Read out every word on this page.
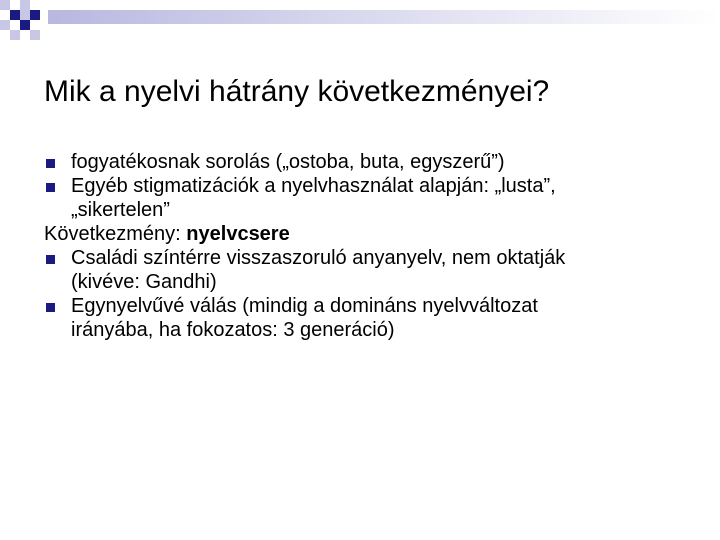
Mik a nyelvi hátrány következményei?
fogyatékosnak sorolás („ostoba, buta, egyszerű”)
Egyéb stigmatizációk a nyelvhasználat alapján: „lusta”,
„sikertelen”
Következmény: nyelvcsere
Családi színtérre visszaszoruló anyanyelv, nem oktatják
(kivéve: Gandhi)
Egynyelvűvé válás (mindig a domináns nyelvváltozat
irányába, ha fokozatos: 3 generáció)
